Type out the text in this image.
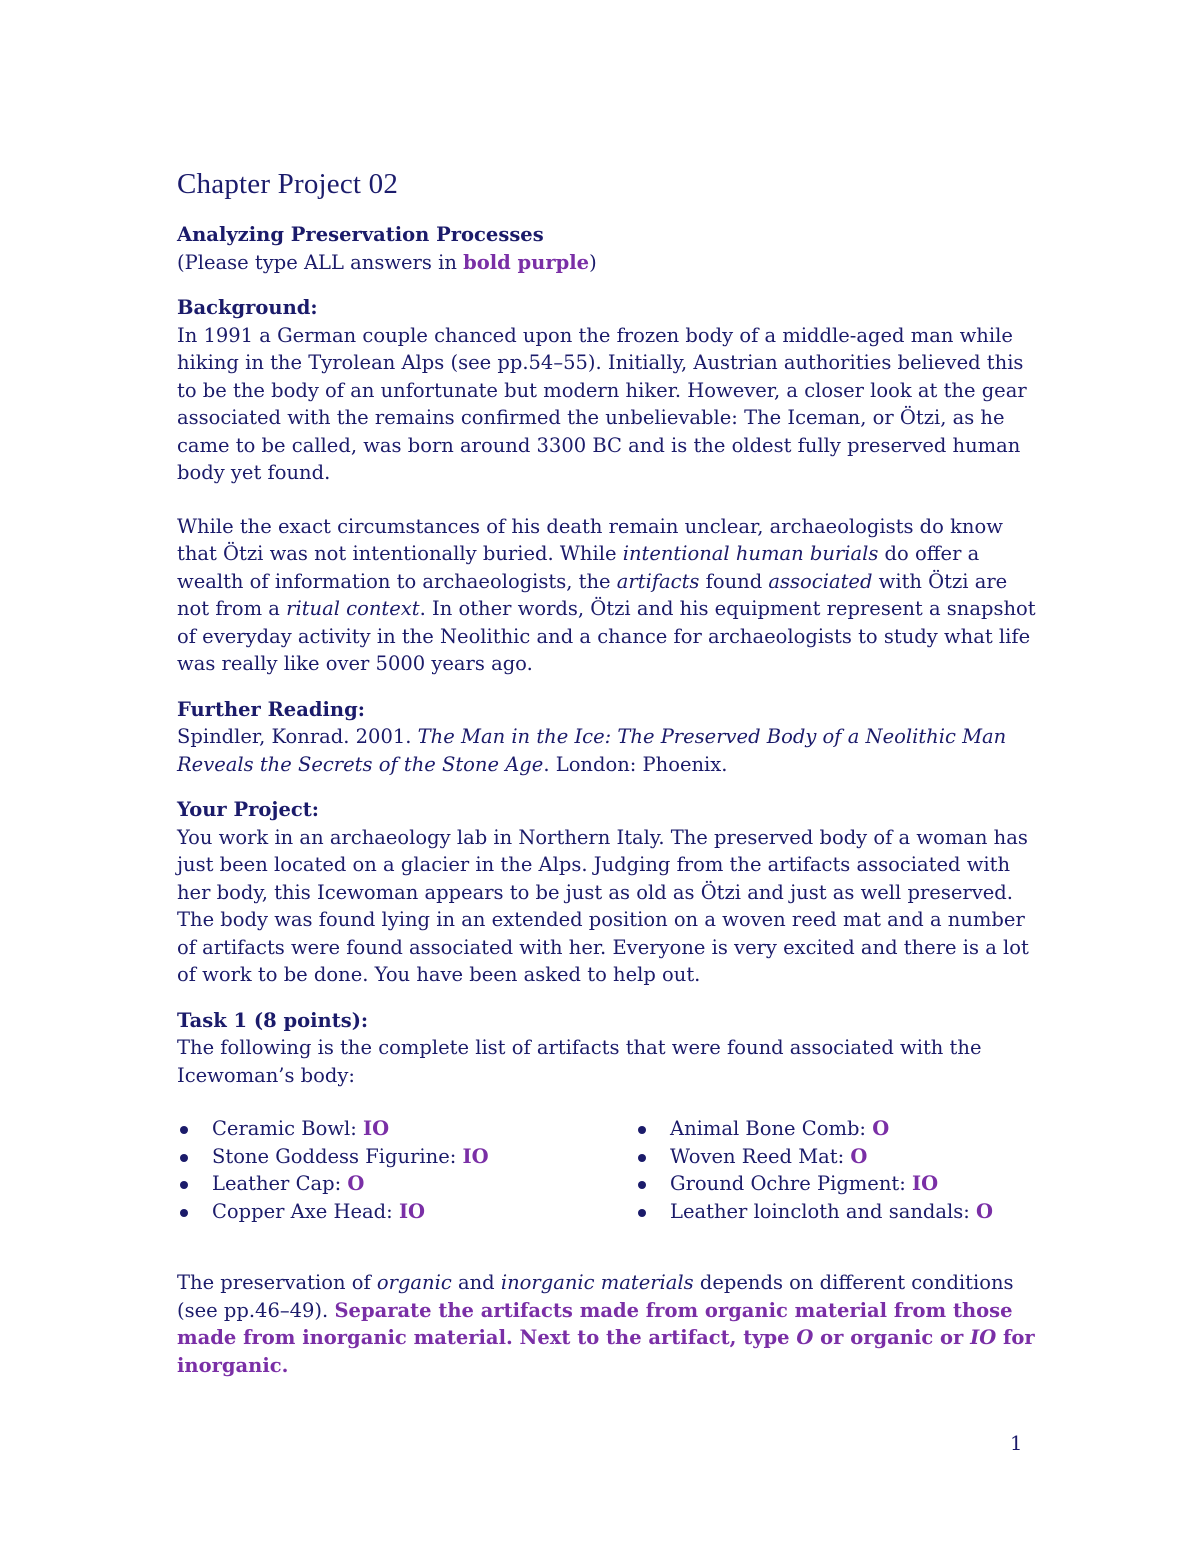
Chapter Project 02

Analyzing Preservation Processes

(Please type ALL answers in bold purple)

Background:

In 1991 a German couple chanced upon the frozen body of a middle-aged man while hiking in the Tyrolean Alps (see pp.54–55). Initially, Austrian authorities believed this to be the body of an unfortunate but modern hiker. However, a closer look at the gear associated with the remains confirmed the unbelievable: The Iceman, or Ötzi, as he came to be called, was born around 3300 BC and is the oldest fully preserved human body yet found.

While the exact circumstances of his death remain unclear, archaeologists do know that Ötzi was not intentionally buried. While intentional human burials do offer a wealth of information to archaeologists, the artifacts found associated with Ötzi are not from a ritual context. In other words, Ötzi and his equipment represent a snapshot of everyday activity in the Neolithic and a chance for archaeologists to study what life was really like over 5000 years ago.

Further Reading:

Spindler, Konrad. 2001. The Man in the Ice: The Preserved Body of a Neolithic Man Reveals the Secrets of the Stone Age. London: Phoenix.

Your Project:

You work in an archaeology lab in Northern Italy. The preserved body of a woman has just been located on a glacier in the Alps. Judging from the artifacts associated with her body, this Icewoman appears to be just as old as Ötzi and just as well preserved. The body was found lying in an extended position on a woven reed mat and a number of artifacts were found associated with her. Everyone is very excited and there is a lot of work to be done. You have been asked to help out.

Task 1 (8 points):

The following is the complete list of artifacts that were found associated with the Icewoman’s body:

Ceramic Bowl: IO
Stone Goddess Figurine: IO
Leather Cap: O
Copper Axe Head: IO
Animal Bone Comb: O
Woven Reed Mat: O
Ground Ochre Pigment: IO
Leather loincloth and sandals: O

The preservation of organic and inorganic materials depends on different conditions (see pp.46–49). Separate the artifacts made from organic material from those made from inorganic material. Next to the artifact, type O or organic or IO for inorganic.

1
